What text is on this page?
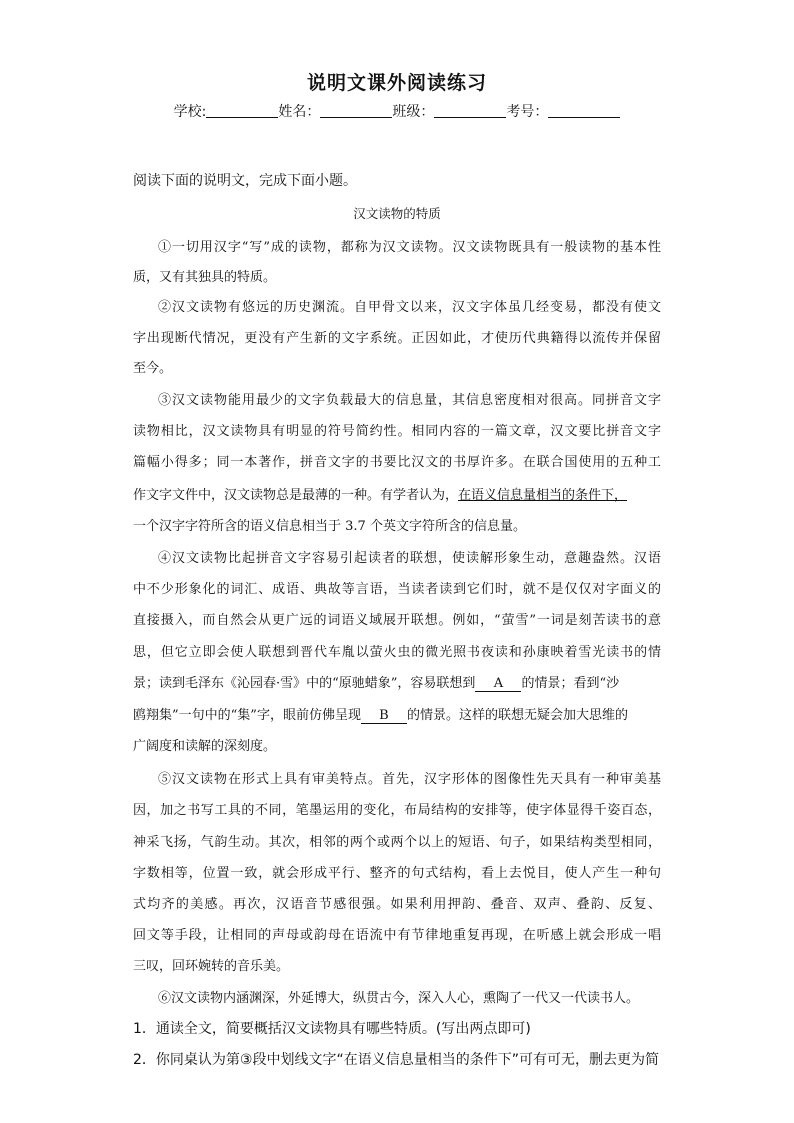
说明文课外阅读练习
学校:	姓名：	班级：	考号：
阅读下面的说明文，完成下面小题。
汉文读物的特质
①一切用汉字“写”成的读物，都称为汉文读物。汉文读物既具有一般读物的基本性
质，又有其独具的特质。
②汉文读物有悠远的历史渊流。自甲骨文以来，汉文字体虽几经变易，都没有使文
字出现断代情况，更没有产生新的文字系统。正因如此，才使历代典籍得以流传并保留
至今。
③汉文读物能用最少的文字负载最大的信息量，其信息密度相对很高。同拼音文字
读物相比，汉文读物具有明显的符号简约性。相同内容的一篇文章，汉文要比拼音文字
篇幅小得多；同一本著作，拼音文字的书要比汉文的书厚许多。在联合国使用的五种工
作文字文件中，汉文读物总是最薄的一种。有学者认为，在语义信息量相当的条件下，
一个汉字字符所含的语义信息相当于 3.7 个英文字符所含的信息量。
④汉文读物比起拼音文字容易引起读者的联想，使读解形象生动，意趣盎然。汉语
中不少形象化的词汇、成语、典故等言语，当读者读到它们时，就不是仅仅对字面义的
直接摄入，而自然会从更广远的词语义域展开联想。例如，“萤雪”一词是刻苦读书的意
思，但它立即会使人联想到晋代车胤以萤火虫的微光照书夜读和孙康映着雪光读书的情
景；读到毛泽东《沁园春·雪》中的“原驰蜡象”，容易联想到 A 的情景；看到“沙
鸥翔集”一句中的“集”字，眼前仿佛呈现 B 的情景。这样的联想无疑会加大思维的
广阔度和读解的深刻度。
⑤汉文读物在形式上具有审美特点。首先，汉字形体的图像性先天具有一种审美基
因，加之书写工具的不同，笔墨运用的变化，布局结构的安排等，使字体显得千姿百态，
神采飞扬，气韵生动。其次，相邻的两个或两个以上的短语、句子，如果结构类型相同，
字数相等，位置一致，就会形成平行、整齐的句式结构，看上去悦目，使人产生一种句
式均齐的美感。再次，汉语音节感很强。如果利用押韵、叠音、双声、叠韵、反复、
回文等手段，让相同的声母或韵母在语流中有节律地重复再现，在听感上就会形成一唱
三叹，回环婉转的音乐美。
⑥汉文读物内涵渊深，外延博大，纵贯古今，深入人心，熏陶了一代又一代读书人。
1．通读全文，简要概括汉文读物具有哪些特质。(写出两点即可)
2．你同桌认为第③段中划线文字“在语义信息量相当的条件下”可有可无，删去更为简
